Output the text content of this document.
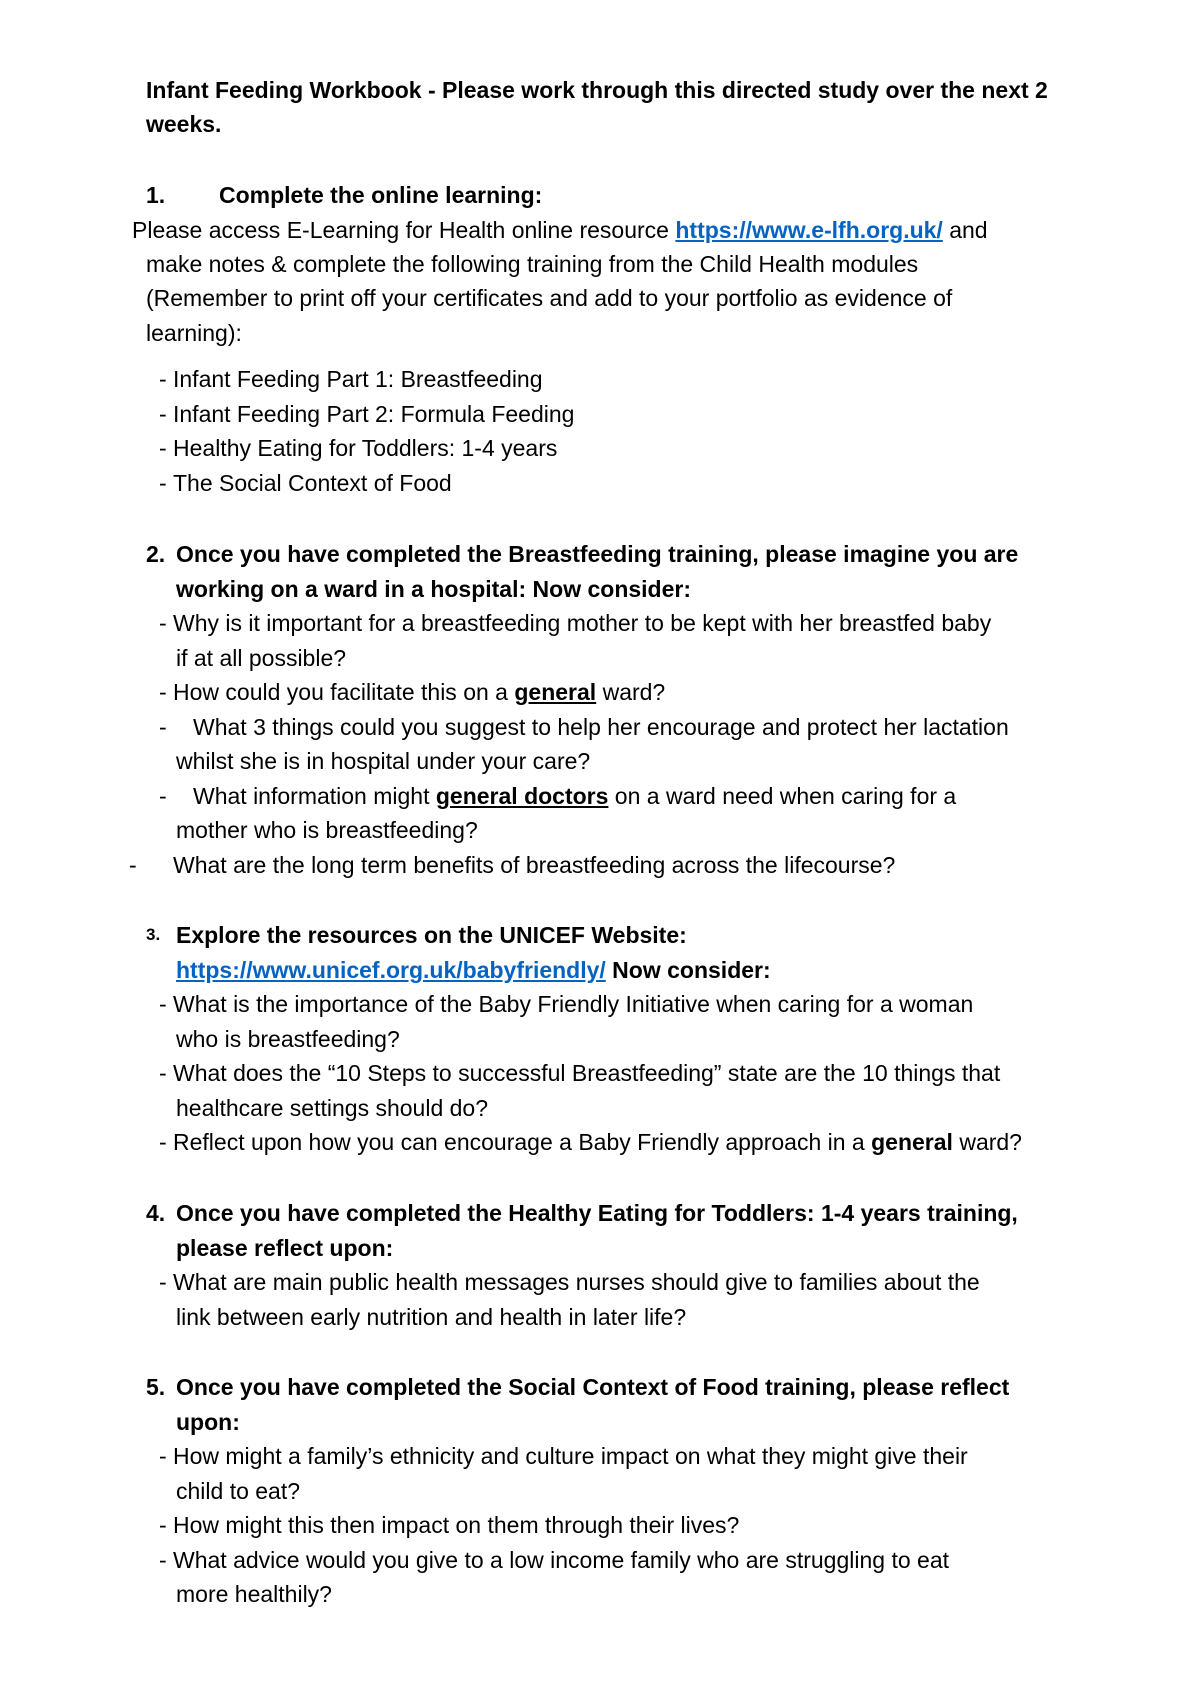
Infant Feeding Workbook - Please work through this directed study over the next 2
weeks.
1. Complete the online learning:
Please access E-Learning for Health online resource https://www.e-lfh.org.uk/ and
make notes & complete the following training from the Child Health modules
(Remember to print off your certificates and add to your portfolio as evidence of
learning):
- Infant Feeding Part 1: Breastfeeding
- Infant Feeding Part 2: Formula Feeding
- Healthy Eating for Toddlers: 1-4 years
- The Social Context of Food
2. Once you have completed the Breastfeeding training, please imagine you are
working on a ward in a hospital: Now consider:
- Why is it important for a breastfeeding mother to be kept with her breastfed baby
if at all possible?
- How could you facilitate this on a general ward?
- What 3 things could you suggest to help her encourage and protect her lactation
whilst she is in hospital under your care?
- What information might general doctors on a ward need when caring for a
mother who is breastfeeding?
- What are the long term benefits of breastfeeding across the lifecourse?
3. Explore the resources on the UNICEF Website:
https://www.unicef.org.uk/babyfriendly/ Now consider:
- What is the importance of the Baby Friendly Initiative when caring for a woman
who is breastfeeding?
- What does the “10 Steps to successful Breastfeeding” state are the 10 things that
healthcare settings should do?
- Reflect upon how you can encourage a Baby Friendly approach in a general ward?
4. Once you have completed the Healthy Eating for Toddlers: 1-4 years training,
please reflect upon:
- What are main public health messages nurses should give to families about the
link between early nutrition and health in later life?
5. Once you have completed the Social Context of Food training, please reflect
upon:
- How might a family’s ethnicity and culture impact on what they might give their
child to eat?
- How might this then impact on them through their lives?
- What advice would you give to a low income family who are struggling to eat
more healthily?
